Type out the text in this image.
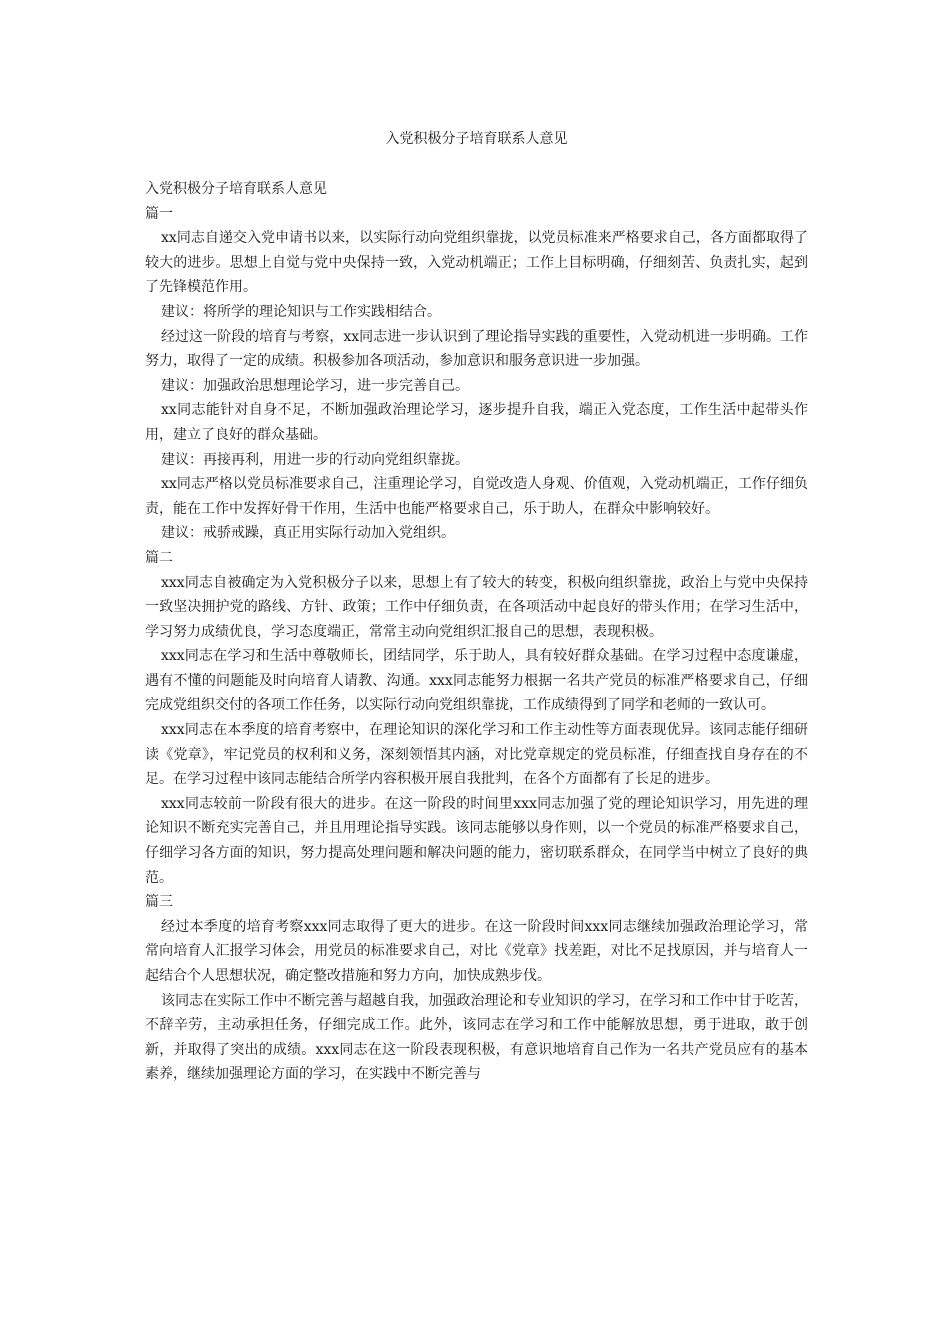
入党积极分子培育联系人意见

入党积极分子培育联系人意见

篇一

xx同志自递交入党申请书以来，以实际行动向党组织靠拢，以党员标准来严格要求自己，各方面都取得了较大的进步。思想上自觉与党中央保持一致，入党动机端正；工作上目标明确，仔细刻苦、负责扎实，起到了先锋模范作用。

建议：将所学的理论知识与工作实践相结合。

经过这一阶段的培育与考察，xx同志进一步认识到了理论指导实践的重要性，入党动机进一步明确。工作努力，取得了一定的成绩。积极参加各项活动，参加意识和服务意识进一步加强。

建议：加强政治思想理论学习，进一步完善自己。

xx同志能针对自身不足，不断加强政治理论学习，逐步提升自我，端正入党态度，工作生活中起带头作用，建立了良好的群众基础。

建议：再接再利，用进一步的行动向党组织靠拢。

xx同志严格以党员标准要求自己，注重理论学习，自觉改造人身观、价值观，入党动机端正，工作仔细负责，能在工作中发挥好骨干作用，生活中也能严格要求自己，乐于助人，在群众中影响较好。

建议：戒骄戒躁，真正用实际行动加入党组织。

篇二

xxx同志自被确定为入党积极分子以来，思想上有了较大的转变，积极向组织靠拢，政治上与党中央保持一致坚决拥护党的路线、方针、政策；工作中仔细负责，在各项活动中起良好的带头作用；在学习生活中，学习努力成绩优良，学习态度端正，常常主动向党组织汇报自己的思想，表现积极。

xxx同志在学习和生活中尊敬师长，团结同学，乐于助人，具有较好群众基础。在学习过程中态度谦虚，遇有不懂的问题能及时向培育人请教、沟通。xxx同志能努力根据一名共产党员的标准严格要求自己，仔细完成党组织交付的各项工作任务，以实际行动向党组织靠拢，工作成绩得到了同学和老师的一致认可。

xxx同志在本季度的培育考察中，在理论知识的深化学习和工作主动性等方面表现优异。该同志能仔细研读《党章》，牢记党员的权利和义务，深刻领悟其内涵，对比党章规定的党员标准，仔细查找自身存在的不足。在学习过程中该同志能结合所学内容积极开展自我批判，在各个方面都有了长足的进步。

xxx同志较前一阶段有很大的进步。在这一阶段的时间里xxx同志加强了党的理论知识学习，用先进的理论知识不断充实完善自己，并且用理论指导实践。该同志能够以身作则，以一个党员的标准严格要求自己，仔细学习各方面的知识，努力提高处理问题和解决问题的能力，密切联系群众，在同学当中树立了良好的典范。

篇三

经过本季度的培育考察xxx同志取得了更大的进步。在这一阶段时间xxx同志继续加强政治理论学习，常常向培育人汇报学习体会，用党员的标准要求自己，对比《党章》找差距，对比不足找原因，并与培育人一起结合个人思想状况，确定整改措施和努力方向，加快成熟步伐。

该同志在实际工作中不断完善与超越自我，加强政治理论和专业知识的学习，在学习和工作中甘于吃苦，不辞辛劳，主动承担任务，仔细完成工作。此外，该同志在学习和工作中能解放思想，勇于进取，敢于创新，并取得了突出的成绩。xxx同志在这一阶段表现积极，有意识地培育自己作为一名共产党员应有的基本素养，继续加强理论方面的学习，在实践中不断完善与
